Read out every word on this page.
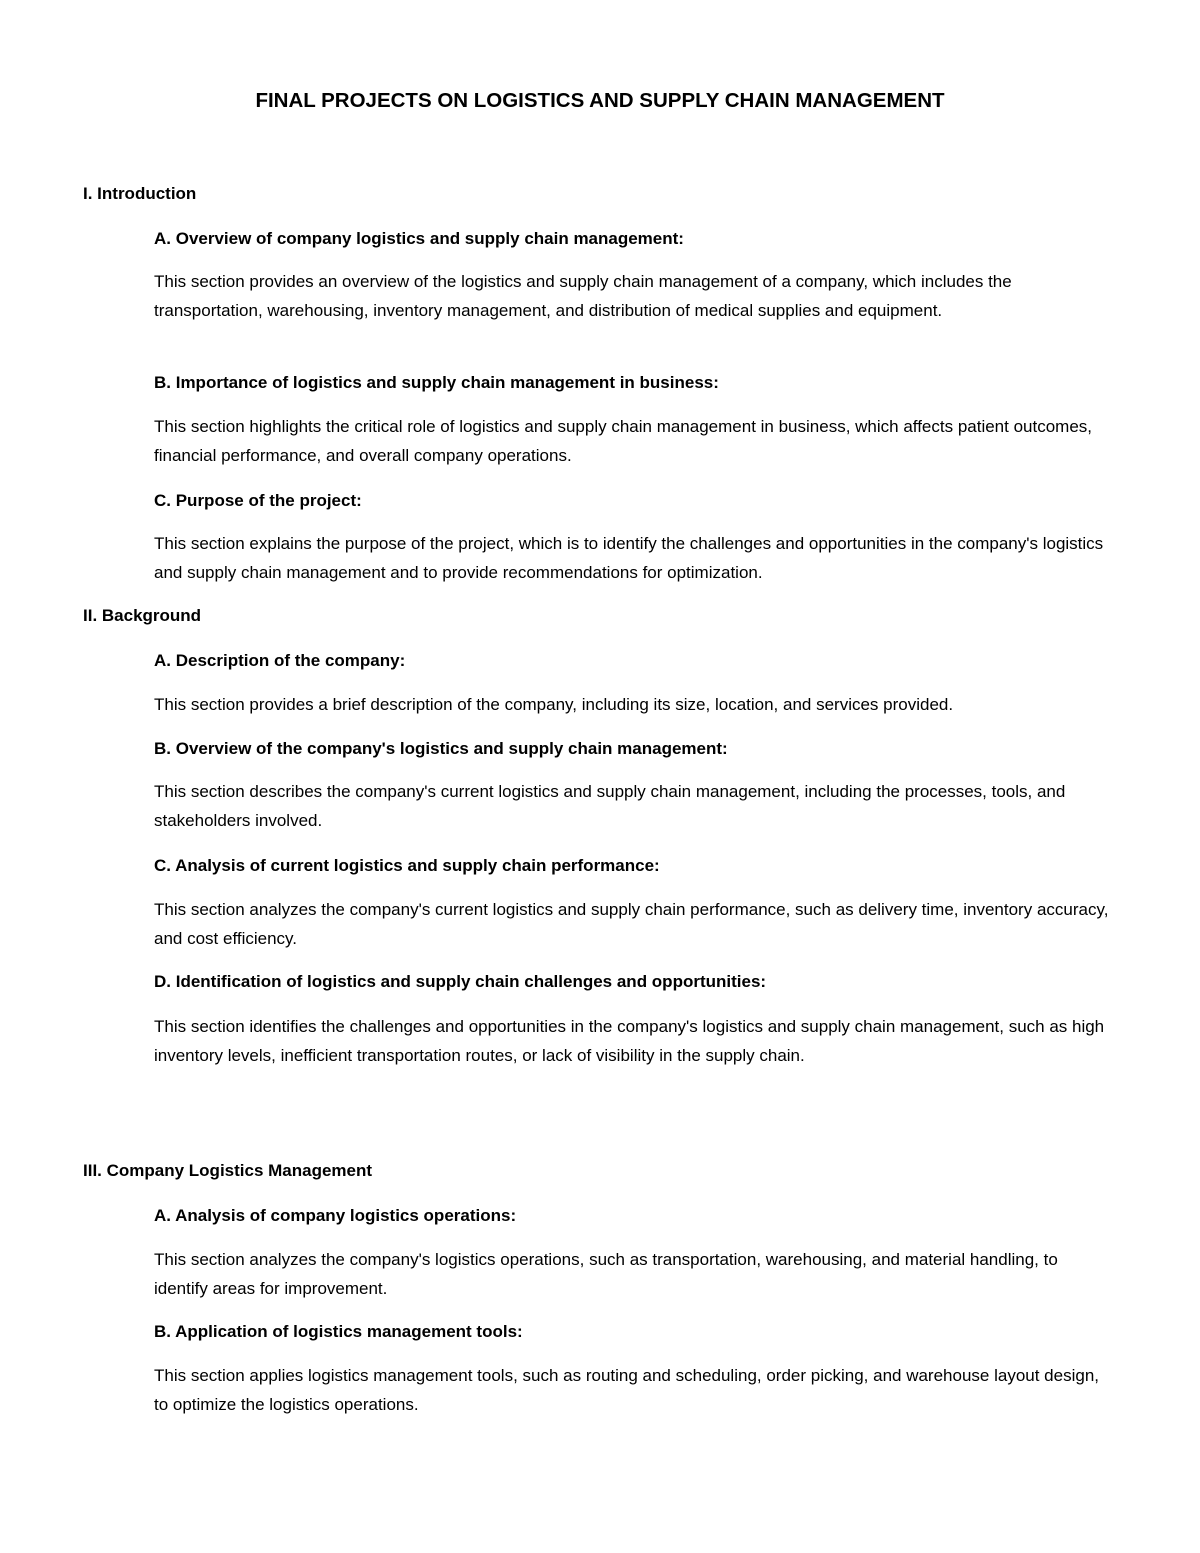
FINAL PROJECTS ON LOGISTICS AND SUPPLY CHAIN MANAGEMENT
I. Introduction
A. Overview of company logistics and supply chain management:
This section provides an overview of the logistics and supply chain management of a company, which includes the transportation, warehousing, inventory management, and distribution of medical supplies and equipment.
B. Importance of logistics and supply chain management in business:
This section highlights the critical role of logistics and supply chain management in business, which affects patient outcomes, financial performance, and overall company operations.
C. Purpose of the project:
This section explains the purpose of the project, which is to identify the challenges and opportunities in the company's logistics and supply chain management and to provide recommendations for optimization.
II. Background
A. Description of the company:
This section provides a brief description of the company, including its size, location, and services provided.
B. Overview of the company's logistics and supply chain management:
This section describes the company's current logistics and supply chain management, including the processes, tools, and stakeholders involved.
C. Analysis of current logistics and supply chain performance:
This section analyzes the company's current logistics and supply chain performance, such as delivery time, inventory accuracy, and cost efficiency.
D. Identification of logistics and supply chain challenges and opportunities:
This section identifies the challenges and opportunities in the company's logistics and supply chain management, such as high inventory levels, inefficient transportation routes, or lack of visibility in the supply chain.
III. Company Logistics Management
A. Analysis of company logistics operations:
This section analyzes the company's logistics operations, such as transportation, warehousing, and material handling, to identify areas for improvement.
B. Application of logistics management tools:
This section applies logistics management tools, such as routing and scheduling, order picking, and warehouse layout design, to optimize the logistics operations.
